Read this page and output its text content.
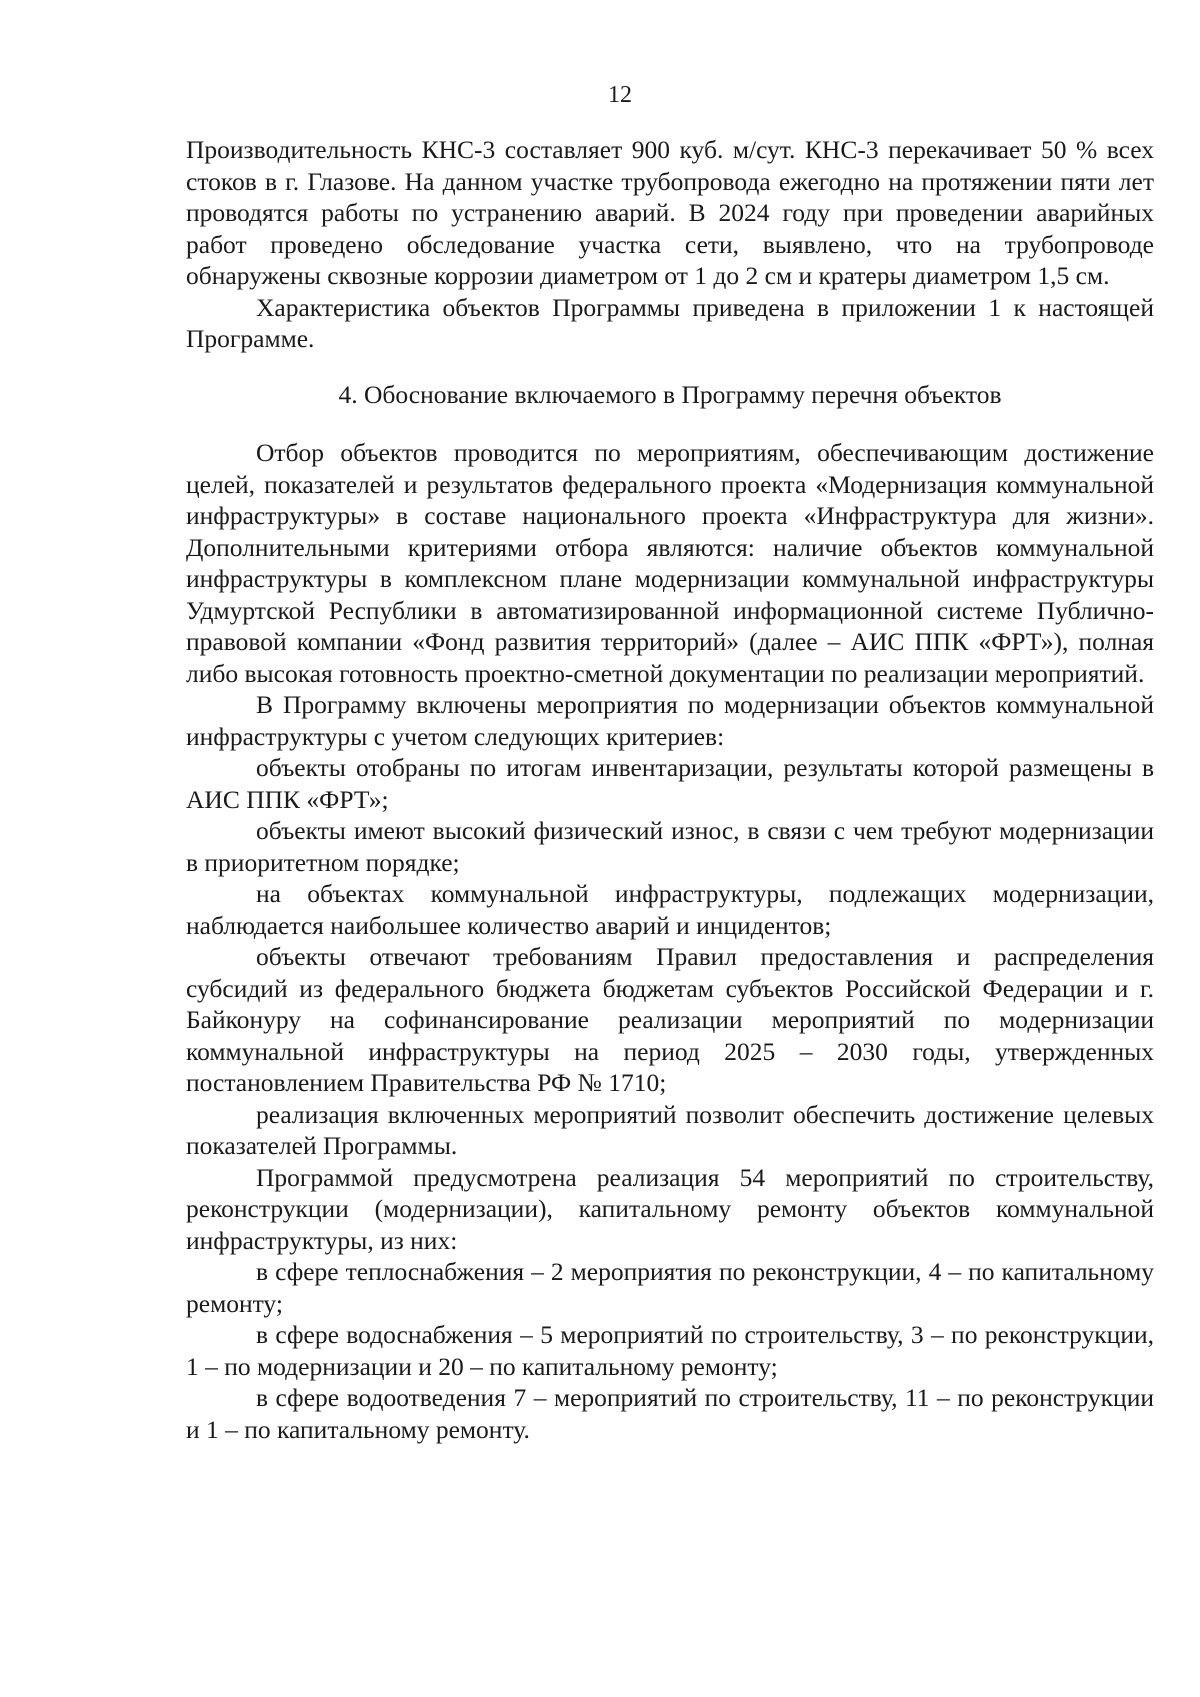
12

Производительность КНС-3 составляет 900 куб. м/сут. КНС-3 перекачивает 50 % всех стоков в г. Глазове. На данном участке трубопровода ежегодно на протяжении пяти лет проводятся работы по устранению аварий. В 2024 году при проведении аварийных работ проведено обследование участка сети, выявлено, что на трубопроводе обнаружены сквозные коррозии диаметром от 1 до 2 см и кратеры диаметром 1,5 см.

Характеристика объектов Программы приведена в приложении 1 к настоящей Программе.

4. Обоснование включаемого в Программу перечня объектов

Отбор объектов проводится по мероприятиям, обеспечивающим достижение целей, показателей и результатов федерального проекта «Модернизация коммунальной инфраструктуры» в составе национального проекта «Инфраструктура для жизни». Дополнительными критериями отбора являются: наличие объектов коммунальной инфраструктуры в комплексном плане модернизации коммунальной инфраструктуры Удмуртской Республики в автоматизированной информационной системе Публично-правовой компании «Фонд развития территорий» (далее – АИС ППК «ФРТ»), полная либо высокая готовность проектно-сметной документации по реализации мероприятий.

В Программу включены мероприятия по модернизации объектов коммунальной инфраструктуры с учетом следующих критериев:

объекты отобраны по итогам инвентаризации, результаты которой размещены в АИС ППК «ФРТ»;

объекты имеют высокий физический износ, в связи с чем требуют модернизации в приоритетном порядке;

на объектах коммунальной инфраструктуры, подлежащих модернизации, наблюдается наибольшее количество аварий и инцидентов;

объекты отвечают требованиям Правил предоставления и распределения субсидий из федерального бюджета бюджетам субъектов Российской Федерации и г. Байконуру на софинансирование реализации мероприятий по модернизации коммунальной инфраструктуры на период 2025 – 2030 годы, утвержденных постановлением Правительства РФ № 1710;

реализация включенных мероприятий позволит обеспечить достижение целевых показателей Программы.

Программой предусмотрена реализация 54 мероприятий по строительству, реконструкции (модернизации), капитальному ремонту объектов коммунальной инфраструктуры, из них:

в сфере теплоснабжения – 2 мероприятия по реконструкции, 4 – по капитальному ремонту;

в сфере водоснабжения – 5 мероприятий по строительству, 3 – по реконструкции, 1 – по модернизации и 20 – по капитальному ремонту;

в сфере водоотведения 7 – мероприятий по строительству, 11 – по реконструкции и 1 – по капитальному ремонту.
